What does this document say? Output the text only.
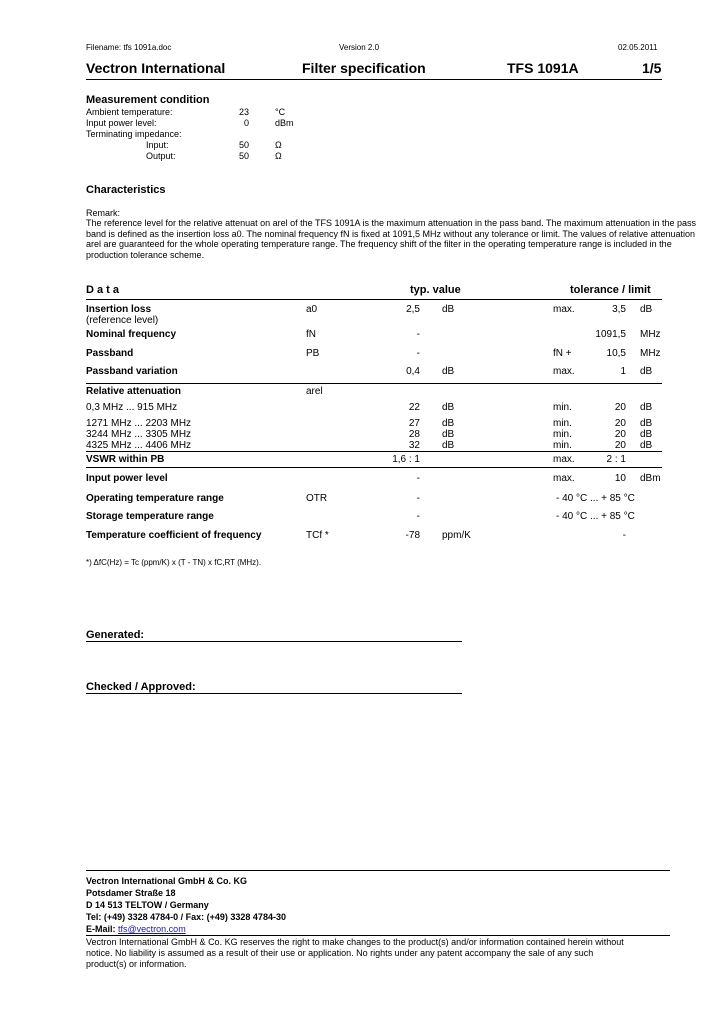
Filename: tfs 1091a.doc	Version 2.0	02.05.2011
Vectron International	Filter specification	TFS 1091A	1/5
Measurement condition
Ambient temperature:	23	°C
Input power level:	0	dBm
Terminating impedance:
Input:	50	Ω
Output:	50	Ω
Characteristics
Remark:
The reference level for the relative attenuat on arel of the TFS 1091A is the maximum attenuation in the pass band. The maximum attenuation in the pass
band is defined as the insertion loss a0. The nominal frequency fN is fixed at 1091,5 MHz without any tolerance or limit. The values of relative attenuation
arel are guaranteed for the whole operating temperature range. The frequency shift of the filter in the operating temperature range is included in the
production tolerance scheme.
D a t a	typ. value	tolerance / limit
Insertion loss	a0	2,5 dB	max.	3,5 dB
(reference level)
Nominal frequency	fN	-	1091,5 MHz
Passband	PB	-	fN +	10,5 MHz
Passband variation	0,4 dB	max.	1 dB
Relative attenuation	arel
0,3 MHz ... 915 MHz	22 dB	min.	20 dB
1271 MHz ... 2203 MHz	27 dB	min.	20 dB
3244 MHz ... 3305 MHz	28 dB	min.	20 dB
4325 MHz ... 4406 MHz	32 dB	min.	20 dB
VSWR within PB	1,6 : 1	max.	2 : 1
Input power level	-	max.	10 dBm
Operating temperature range	OTR	-	- 40 °C ... + 85 °C
Storage temperature range	-	- 40 °C ... + 85 °C
Temperature coefficient of frequency	TCf *	-78 ppm/K	-
*) ΔfC(Hz) = Tc (ppm/K) x (T - TN) x fC,RT (MHz).
Generated:
Checked / Approved:
Vectron International GmbH & Co. KG
Potsdamer Straße 18
D 14 513 TELTOW / Germany
Tel: (+49) 3328 4784-0 / Fax: (+49) 3328 4784-30
E-Mail: tfs@vectron.com
Vectron International GmbH & Co. KG reserves the right to make changes to the product(s) and/or information contained herein without
notice. No liability is assumed as a result of their use or application. No rights under any patent accompany the sale of any such
product(s) or information.
